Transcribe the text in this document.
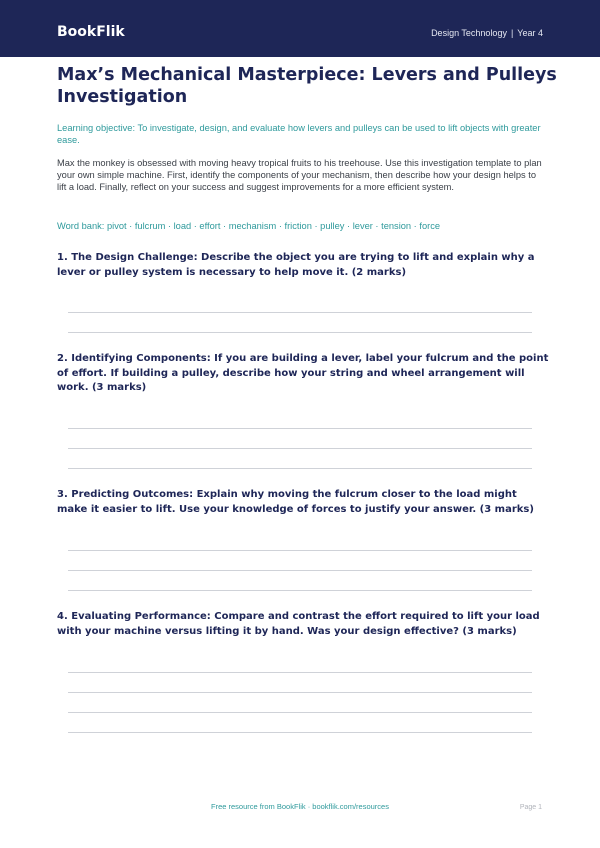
BookFlik	Design Technology | Year 4
Max’s Mechanical Masterpiece: Levers and Pulleys Investigation
Learning objective: To investigate, design, and evaluate how levers and pulleys can be used to lift objects with greater ease.
Max the monkey is obsessed with moving heavy tropical fruits to his treehouse. Use this investigation template to plan your own simple machine. First, identify the components of your mechanism, then describe how your design helps to lift a load. Finally, reflect on your success and suggest improvements for a more efficient system.
Word bank: pivot · fulcrum · load · effort · mechanism · friction · pulley · lever · tension · force
1. The Design Challenge: Describe the object you are trying to lift and explain why a lever or pulley system is necessary to help move it. (2 marks)
2. Identifying Components: If you are building a lever, label your fulcrum and the point of effort. If building a pulley, describe how your string and wheel arrangement will work. (3 marks)
3. Predicting Outcomes: Explain why moving the fulcrum closer to the load might make it easier to lift. Use your knowledge of forces to justify your answer. (3 marks)
4. Evaluating Performance: Compare and contrast the effort required to lift your load with your machine versus lifting it by hand. Was your design effective? (3 marks)
Free resource from BookFlik · bookflik.com/resources	Page 1
